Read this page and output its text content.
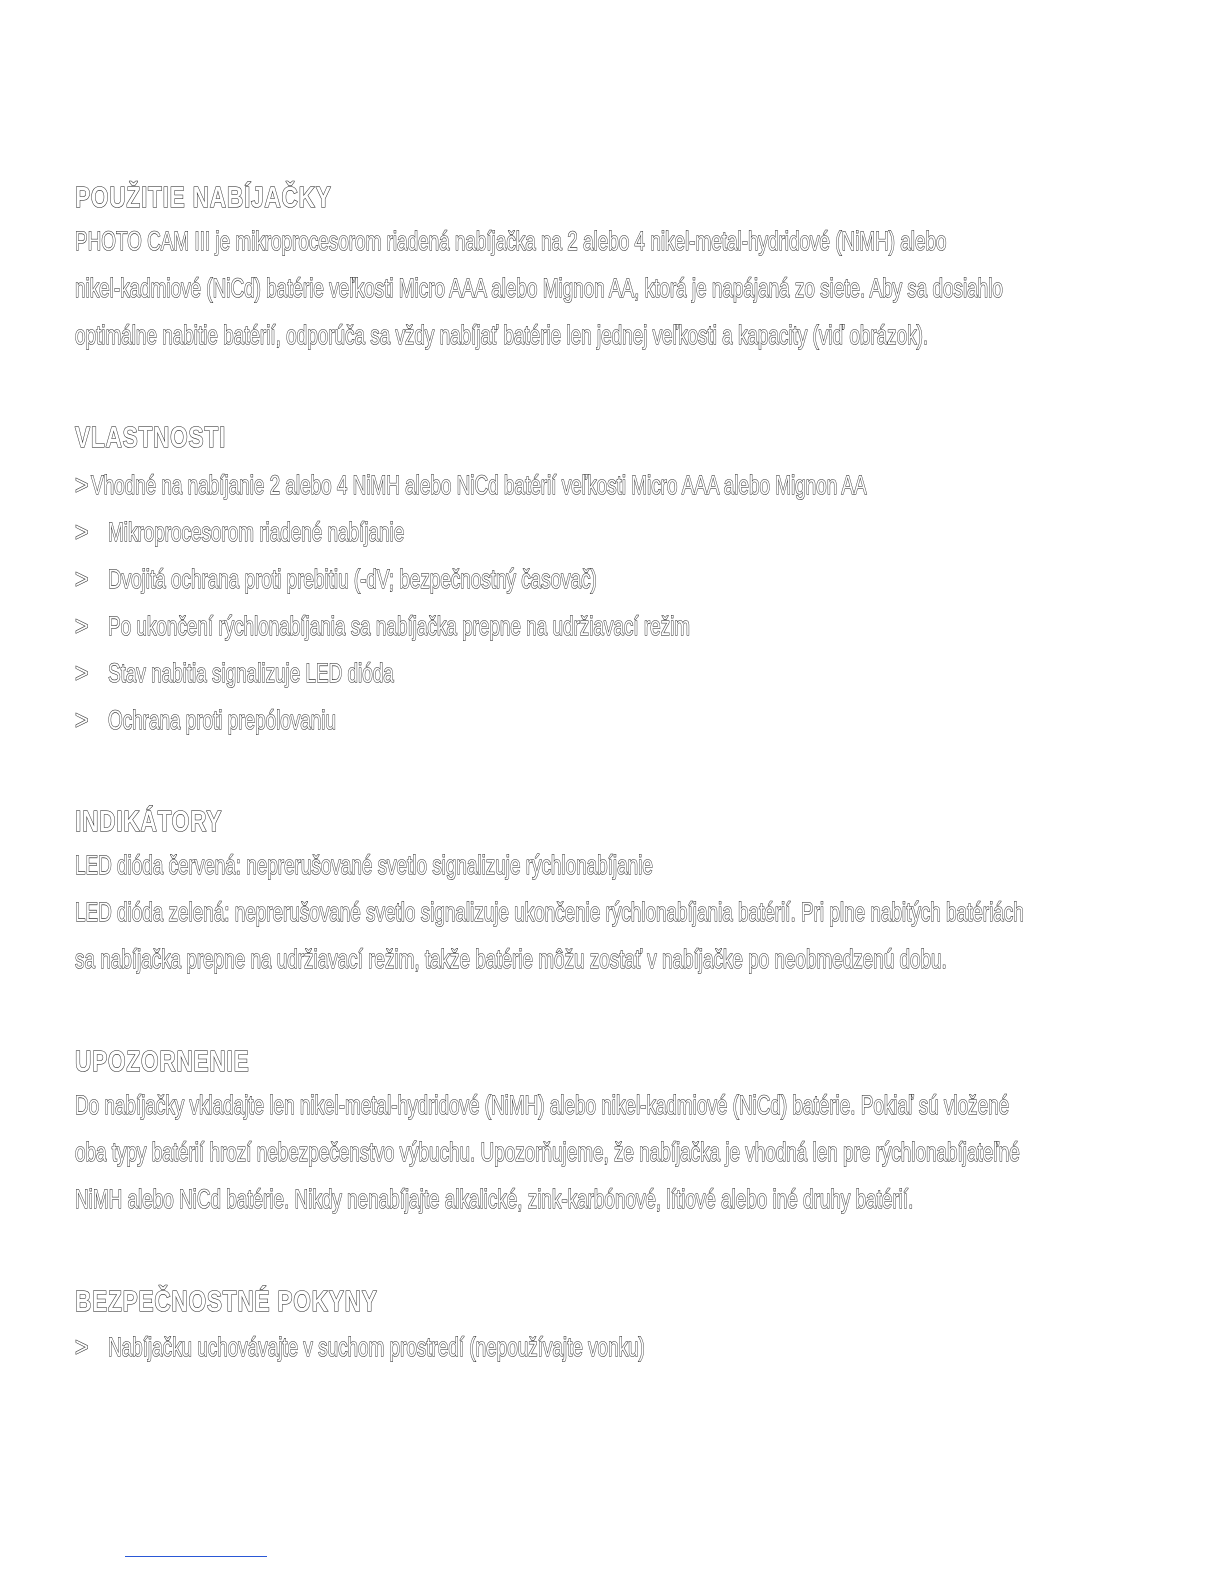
POUŽITIE NABÍJAČKY

PHOTO CAM III je mikroprocesorom riadená nabíjačka na 2 alebo 4 nikel-metal-hydridové (NiMH) alebo

nikel-kadmiové (NiCd) batérie veľkosti Micro AAA alebo Mignon AA, ktorá je napájaná zo siete. Aby sa dosiahlo

optimálne nabitie batérií, odporúča sa vždy nabíjať batérie len jednej veľkosti a kapacity (viď obrázok).

VLASTNOSTI
> Vhodné na nabíjanie 2 alebo 4 NiMH alebo NiCd batérií veľkosti Micro AAA alebo Mignon AA
> Mikroprocesorom riadené nabíjanie
> Dvojitá ochrana proti prebitiu (-dV; bezpečnostný časovač)
> Po ukončení rýchlonabíjania sa nabíjačka prepne na udržiavací režim
> Stav nabitia signalizuje LED dióda
> Ochrana proti prepólovaniu
INDIKÁTORY

LED dióda červená: neprerušované svetlo signalizuje rýchlonabíjanie

LED dióda zelená: neprerušované svetlo signalizuje ukončenie rýchlonabíjania batérií. Pri plne nabitých batériách

sa nabíjačka prepne na udržiavací režim, takže batérie môžu zostať v nabíjačke po neobmedzenú dobu.

UPOZORNENIE

Do nabíjačky vkladajte len nikel-metal-hydridové (NiMH) alebo nikel-kadmiové (NiCd) batérie. Pokiaľ sú vložené

oba typy batérií hrozí nebezpečenstvo výbuchu. Upozorňujeme, že nabíjačka je vhodná len pre rýchlonabíjateľné

NiMH alebo NiCd batérie. Nikdy nenabíjajte alkalické, zink-karbónové, lítiové alebo iné druhy batérií.

BEZPEČNOSTNÉ POKYNY
> Nabíjačku uchovávajte v suchom prostredí (nepoužívajte vonku)
